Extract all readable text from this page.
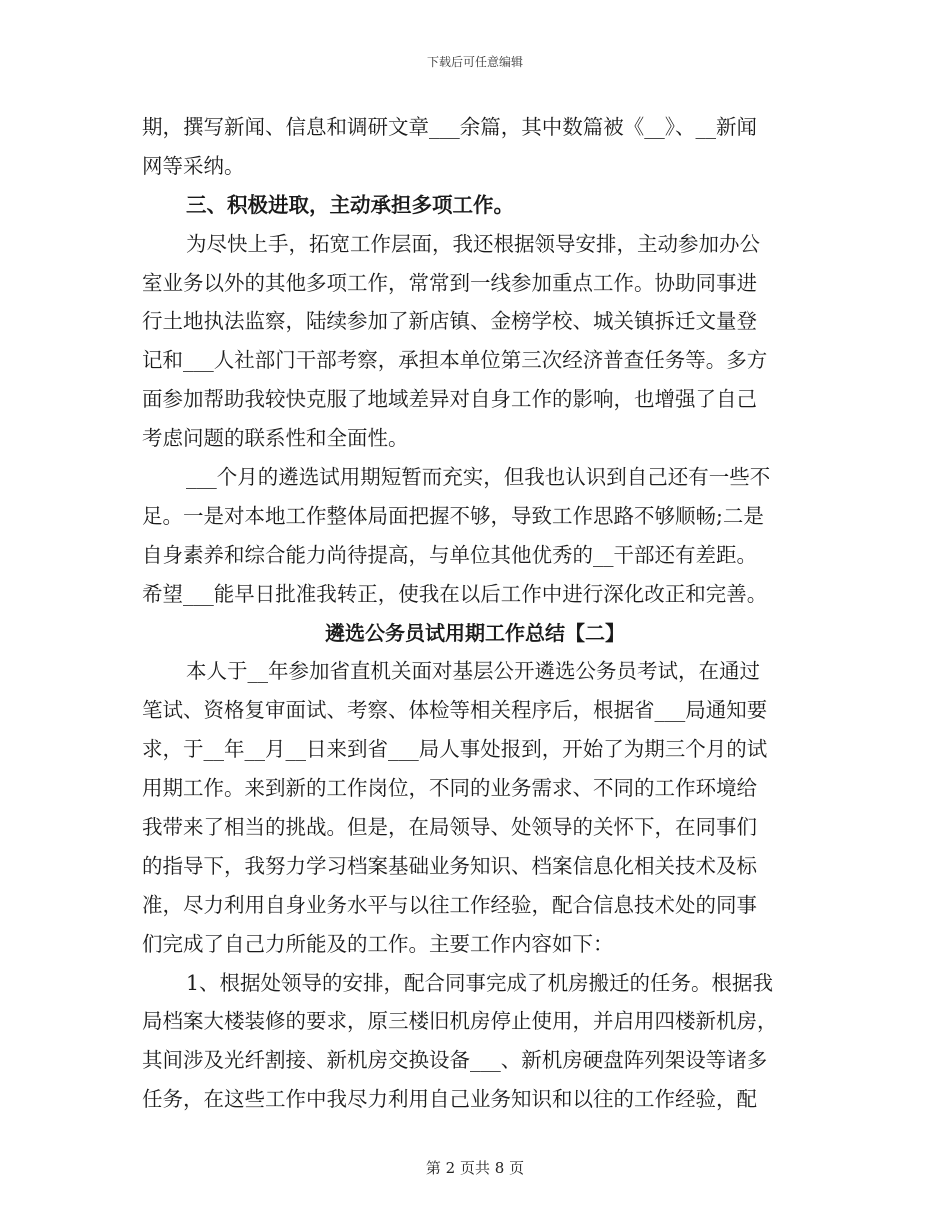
下载后可任意编辑
期，撰写新闻、信息和调研文章___余篇，其中数篇被《__》、__新闻
网等采纳。
三、积极进取，主动承担多项工作。
为尽快上手，拓宽工作层面，我还根据领导安排，主动参加办公
室业务以外的其他多项工作，常常到一线参加重点工作。协助同事进
行土地执法监察，陆续参加了新店镇、金榜学校、城关镇拆迁文量登
记和___人社部门干部考察，承担本单位第三次经济普查任务等。多方
面参加帮助我较快克服了地域差异对自身工作的影响，也增强了自己
考虑问题的联系性和全面性。
___个月的遴选试用期短暂而充实，但我也认识到自己还有一些不
足。一是对本地工作整体局面把握不够，导致工作思路不够顺畅;二是
自身素养和综合能力尚待提高，与单位其他优秀的__干部还有差距。
希望___能早日批准我转正，使我在以后工作中进行深化改正和完善。
遴选公务员试用期工作总结【二】
本人于__年参加省直机关面对基层公开遴选公务员考试，在通过
笔试、资格复审面试、考察、体检等相关程序后，根据省___局通知要
求，于__年__月__日来到省___局人事处报到，开始了为期三个月的试
用期工作。来到新的工作岗位，不同的业务需求、不同的工作环境给
我带来了相当的挑战。但是，在局领导、处领导的关怀下，在同事们
的指导下，我努力学习档案基础业务知识、档案信息化相关技术及标
准，尽力利用自身业务水平与以往工作经验，配合信息技术处的同事
们完成了自己力所能及的工作。主要工作内容如下：
1、根据处领导的安排，配合同事完成了机房搬迁的任务。根据我
局档案大楼装修的要求，原三楼旧机房停止使用，并启用四楼新机房，
其间涉及光纤割接、新机房交换设备___、新机房硬盘阵列架设等诸多
任务，在这些工作中我尽力利用自己业务知识和以往的工作经验，配
第 2 页共 8 页
